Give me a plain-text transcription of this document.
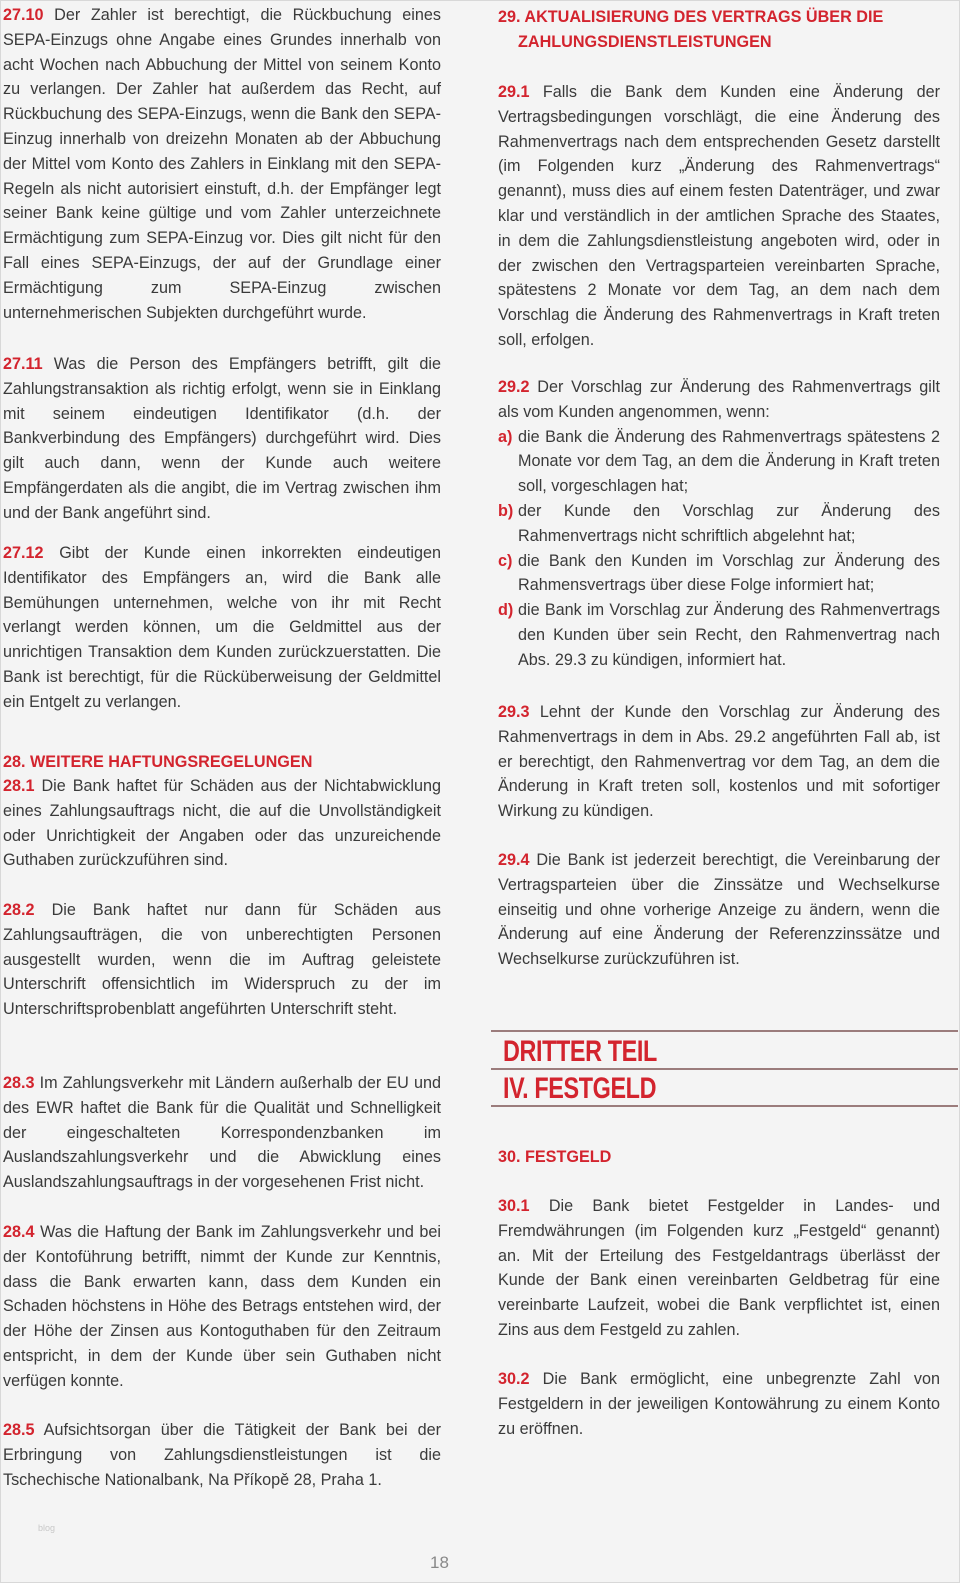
27.10 Der Zahler ist berechtigt, die Rückbuchung eines SEPA-Einzugs ohne Angabe eines Grundes innerhalb von acht Wochen nach Abbuchung der Mittel von seinem Konto zu verlangen. Der Zahler hat außerdem das Recht, auf Rückbuchung des SEPA-Einzugs, wenn die Bank den SEPA-Einzug innerhalb von dreizehn Monaten ab der Abbuchung der Mittel vom Konto des Zahlers in Einklang mit den SEPA-Regeln als nicht autorisiert einstuft, d.h. der Empfänger legt seiner Bank keine gültige und vom Zahler unterzeichnete Ermächtigung zum SEPA-Einzug vor. Dies gilt nicht für den Fall eines SEPA-Einzugs, der auf der Grundlage einer Ermächtigung zum SEPA-Einzug zwischen unternehmerischen Subjekten durchgeführt wurde.

27.11 Was die Person des Empfängers betrifft, gilt die Zahlungstransaktion als richtig erfolgt, wenn sie in Einklang mit seinem eindeutigen Identifikator (d.h. der Bankverbindung des Empfängers) durchgeführt wird. Dies gilt auch dann, wenn der Kunde auch weitere Empfängerdaten als die angibt, die im Vertrag zwischen ihm und der Bank angeführt sind.

27.12 Gibt der Kunde einen inkorrekten eindeutigen Identifikator des Empfängers an, wird die Bank alle Bemühungen unternehmen, welche von ihr mit Recht verlangt werden können, um die Geldmittel aus der unrichtigen Transaktion dem Kunden zurückzuerstatten. Die Bank ist berechtigt, für die Rücküberweisung der Geldmittel ein Entgelt zu verlangen.

28. WEITERE HAFTUNGSREGELUNGEN

28.1 Die Bank haftet für Schäden aus der Nichtabwicklung eines Zahlungsauftrags nicht, die auf die Unvollständigkeit oder Unrichtigkeit der Angaben oder das unzureichende Guthaben zurückzuführen sind.

28.2 Die Bank haftet nur dann für Schäden aus Zahlungsaufträgen, die von unberechtigten Personen ausgestellt wurden, wenn die im Auftrag geleistete Unterschrift offensichtlich im Widerspruch zu der im Unterschriftsprobenblatt angeführten Unterschrift steht.

28.3 Im Zahlungsverkehr mit Ländern außerhalb der EU und des EWR haftet die Bank für die Qualität und Schnelligkeit der eingeschalteten Korrespondenzbanken im Auslandszahlungsverkehr und die Abwicklung eines Auslandszahlungsauftrags in der vorgesehenen Frist nicht.

28.4 Was die Haftung der Bank im Zahlungsverkehr und bei der Kontoführung betrifft, nimmt der Kunde zur Kenntnis, dass die Bank erwarten kann, dass dem Kunden ein Schaden höchstens in Höhe des Betrags entstehen wird, der der Höhe der Zinsen aus Kontoguthaben für den Zeitraum entspricht, in dem der Kunde über sein Guthaben nicht verfügen konnte.

28.5 Aufsichtsorgan über die Tätigkeit der Bank bei der Erbringung von Zahlungsdienstleistungen ist die Tschechische Nationalbank, Na Příkopě 28, Praha 1.

29. AKTUALISIERUNG DES VERTRAGS ÜBER DIE ZAHLUNGSDIENSTLEISTUNGEN

29.1 Falls die Bank dem Kunden eine Änderung der Vertragsbedingungen vorschlägt, die eine Änderung des Rahmenvertrags nach dem entsprechenden Gesetz darstellt (im Folgenden kurz „Änderung des Rahmenvertrags“ genannt), muss dies auf einem festen Datenträger, und zwar klar und verständlich in der amtlichen Sprache des Staates, in dem die Zahlungsdienstleistung angeboten wird, oder in der zwischen den Vertragsparteien vereinbarten Sprache, spätestens 2 Monate vor dem Tag, an dem nach dem Vorschlag die Änderung des Rahmenvertrags in Kraft treten soll, erfolgen.

29.2 Der Vorschlag zur Änderung des Rahmenvertrags gilt als vom Kunden angenommen, wenn:
a) die Bank die Änderung des Rahmenvertrags spätestens 2 Monate vor dem Tag, an dem die Änderung in Kraft treten soll, vorgeschlagen hat;
b) der Kunde den Vorschlag zur Änderung des Rahmenvertrags nicht schriftlich abgelehnt hat;
c) die Bank den Kunden im Vorschlag zur Änderung des Rahmensvertrags über diese Folge informiert hat;
d) die Bank im Vorschlag zur Änderung des Rahmenvertrags den Kunden über sein Recht, den Rahmenvertrag nach Abs. 29.3 zu kündigen, informiert hat.

29.3 Lehnt der Kunde den Vorschlag zur Änderung des Rahmenvertrags in dem in Abs. 29.2 angeführten Fall ab, ist er berechtigt, den Rahmenvertrag vor dem Tag, an dem die Änderung in Kraft treten soll, kostenlos und mit sofortiger Wirkung zu kündigen.

29.4 Die Bank ist jederzeit berechtigt, die Vereinbarung der Vertragsparteien über die Zinssätze und Wechselkurse einseitig und ohne vorherige Anzeige zu ändern, wenn die Änderung auf eine Änderung der Referenzzinssätze und Wechselkurse zurückzuführen ist.

DRITTER TEIL
IV. FESTGELD

30. FESTGELD

30.1 Die Bank bietet Festgelder in Landes- und Fremdwährungen (im Folgenden kurz „Festgeld“ genannt) an. Mit der Erteilung des Festgeldantrags überlässt der Kunde der Bank einen vereinbarten Geldbetrag für eine vereinbarte Laufzeit, wobei die Bank verpflichtet ist, einen Zins aus dem Festgeld zu zahlen.

30.2 Die Bank ermöglicht, eine unbegrenzte Zahl von Festgeldern in der jeweiligen Kontowährung zu einem Konto zu eröffnen.

blog
18
